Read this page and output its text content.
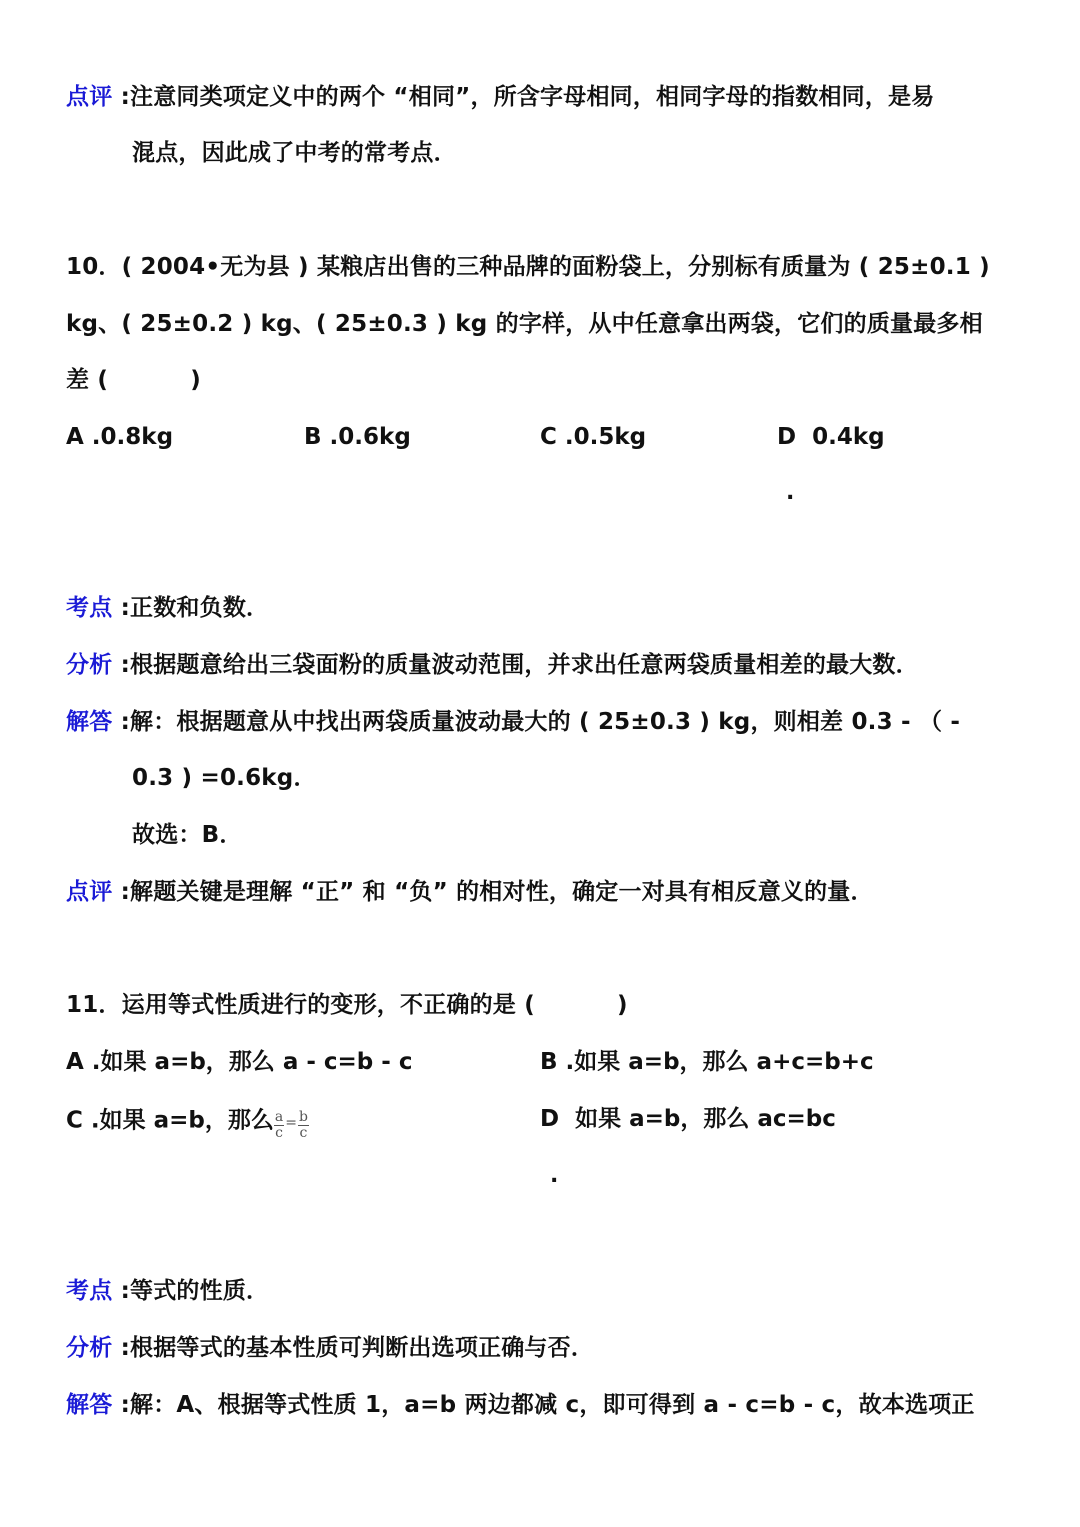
点评 :注意同类项定义中的两个 “相同”，所含字母相同，相同字母的指数相同，是易
混点，因此成了中考的常考点．
10．( 2004•无为县 ) 某粮店出售的三种品牌的面粉袋上，分别标有质量为 ( 25±0.1 )
kg、( 25±0.2 ) kg、( 25±0.3 ) kg 的字样，从中任意拿出两袋，它们的质量最多相
差 (          )
A .0.8kg	B .0.6kg	C .0.5kg	D  0.4kg
.
考点 :正数和负数．
分析 :根据题意给出三袋面粉的质量波动范围，并求出任意两袋质量相差的最大数．
解答 :解：根据题意从中找出两袋质量波动最大的 ( 25±0.3 ) kg，则相差 0.3 - （ -
0.3 ) =0.6kg．
故选：B．
点评 :解题关键是理解 “正” 和 “负” 的相对性，确定一对具有相反意义的量．
11．运用等式性质进行的变形，不正确的是 (          )
A .如果 a=b，那么 a - c=b - c	B .如果 a=b，那么 a+c=b+c
C .如果 a=b，那么 $\frac{a}{c} = \frac{b}{c}$	D  如果 a=b，那么 ac=bc
.
考点 :等式的性质．
分析 :根据等式的基本性质可判断出选项正确与否．
解答 :解：A、根据等式性质 1，a=b 两边都减 c，即可得到 a - c=b - c，故本选项正
